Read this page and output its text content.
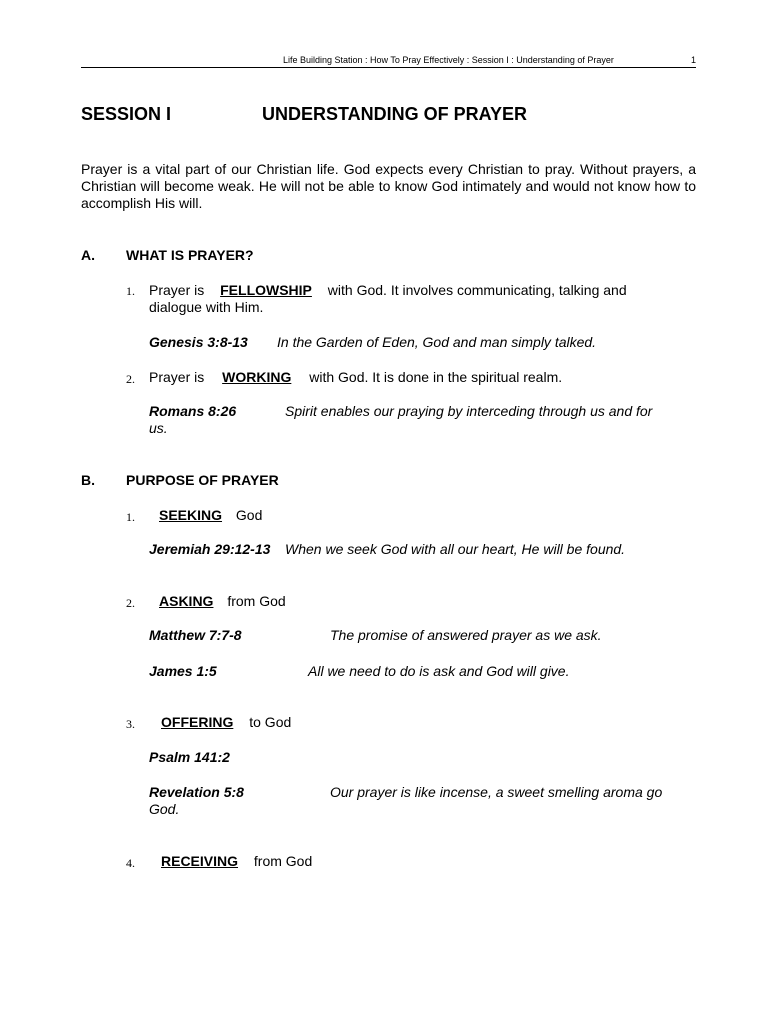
Life Building Station : How To Pray Effectively : Session I : Understanding of Prayer	1
SESSION I	UNDERSTANDING OF PRAYER
Prayer is a vital part of our Christian life. God expects every Christian to pray. Without prayers, a Christian will become weak. He will not be able to know God intimately and would not know how to accomplish His will.
A. WHAT IS PRAYER?
1. Prayer is FELLOWSHIP with God. It involves communicating, talking and
dialogue with Him.
Genesis 3:8-13 In the Garden of Eden, God and man simply talked.
2. Prayer is WORKING with God. It is done in the spiritual realm.
Romans 8:26	Spirit enables our praying by interceding through us and for
us.
B. PURPOSE OF PRAYER
1.	SEEKING God
Jeremiah 29:12-13 When we seek God with all our heart, He will be found.
2.	ASKING from God
Matthew 7:7-8	The promise of answered prayer as we ask.
James 1:5	All we need to do is ask and God will give.
3.	OFFERING to God
Psalm 141:2
Revelation 5:8	Our prayer is like incense, a sweet smelling aroma go
God.
4.	RECEIVING from God
